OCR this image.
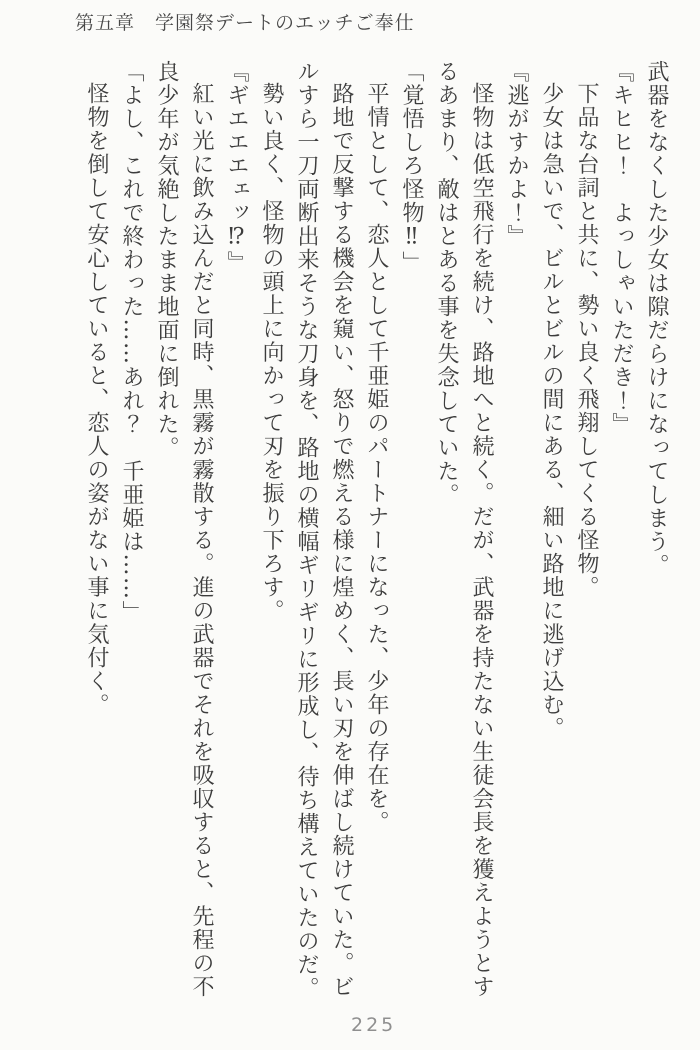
第五章　学園祭デートのエッチご奉仕

武器をなくした少女は隙だらけになってしまう。

『キヒヒ！　よっしゃいただき！』

下品な台詞と共に、勢い良く飛翔してくる怪物。

少女は急いで、ビルとビルの間にある、細い路地に逃げ込む。

『逃がすかよ！』

怪物は低空飛行を続け、路地へと続く。だが、武器を持たない生徒会長を獲えようとするあまり、敵はとある事を失念していた。

「覚悟しろ怪物‼」

平情として、恋人として千亜姫のパートナーになった、少年の存在を。

路地で反撃する機会を窺い、怒りで燃える様に煌めく、長い刃を伸ばし続けていた。ビルすら一刀両断出来そうな刀身を、路地の横幅ギリギリに形成し、待ち構えていたのだ。

勢い良く、怪物の頭上に向かって刃を振り下ろす。

『ギエエエェッ⁉』

紅い光に飲み込んだと同時、黒霧が霧散する。進の武器でそれを吸収すると、先程の不良少年が気絶したまま地面に倒れた。

「よし、これで終わった……あれ？　千亜姫は……」

怪物を倒して安心していると、恋人の姿がない事に気付く。

225
